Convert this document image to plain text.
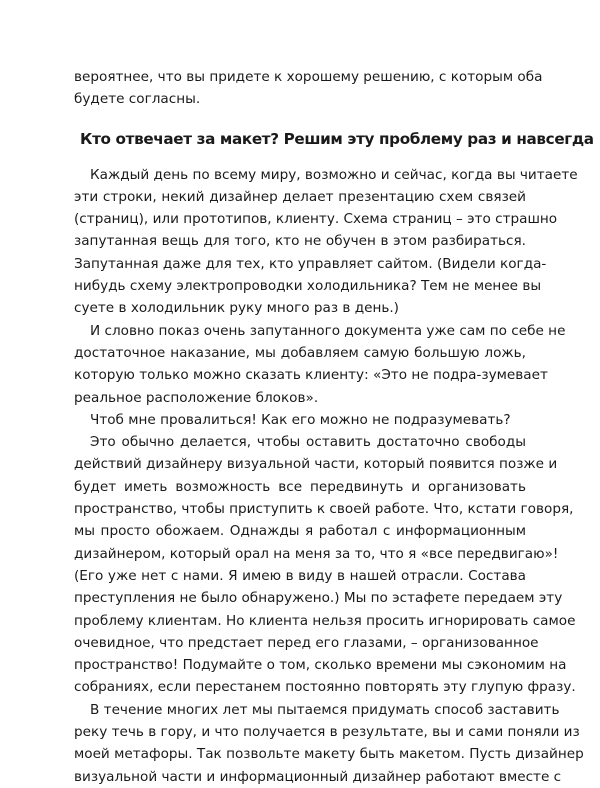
вероятнее, что вы придете к хорошему решению, с которым оба
будете согласны.
Кто отвечает за макет? Решим эту проблему раз и навсегда
Каждый день по всему миру, возможно и сейчас, когда вы читаете
эти строки, некий дизайнер делает презентацию схем связей
(страниц), или прототипов, клиенту. Схема страниц – это страшно
запутанная вещь для того, кто не обучен в этом разбираться.
Запутанная даже для тех, кто управляет сайтом. (Видели когда-
нибудь схему электропроводки холодильника? Тем не менее вы
суете в холодильник руку много раз в день.)
И словно показ очень запутанного документа уже сам по себе не
достаточное наказание, мы добавляем самую большую ложь,
которую только можно сказать клиенту: «Это не подра-зумевает
реальное расположение блоков».
Чтоб мне провалиться! Как его можно не подразумевать?
Это обычно делается, чтобы оставить достаточно свободы
действий дизайнеру визуальной части, который появится позже и
будет иметь возможность все передвинуть и организовать
пространство, чтобы приступить к своей работе. Что, кстати говоря,
мы просто обожаем. Однажды я работал с информационным
дизайнером, который орал на меня за то, что я «все передвигаю»!
(Его уже нет с нами. Я имею в виду в нашей отрасли. Состава
преступления не было обнаружено.) Мы по эстафете передаем эту
проблему клиентам. Но клиента нельзя просить игнорировать самое
очевидное, что предстает перед его глазами, – организованное
пространство! Подумайте о том, сколько времени мы сэкономим на
собраниях, если перестанем постоянно повторять эту глупую фразу.
В течение многих лет мы пытаемся придумать способ заставить
реку течь в гору, и что получается в результате, вы и сами поняли из
моей метафоры. Так позвольте макету быть макетом. Пусть дизайнер
визуальной части и информационный дизайнер работают вместе с
